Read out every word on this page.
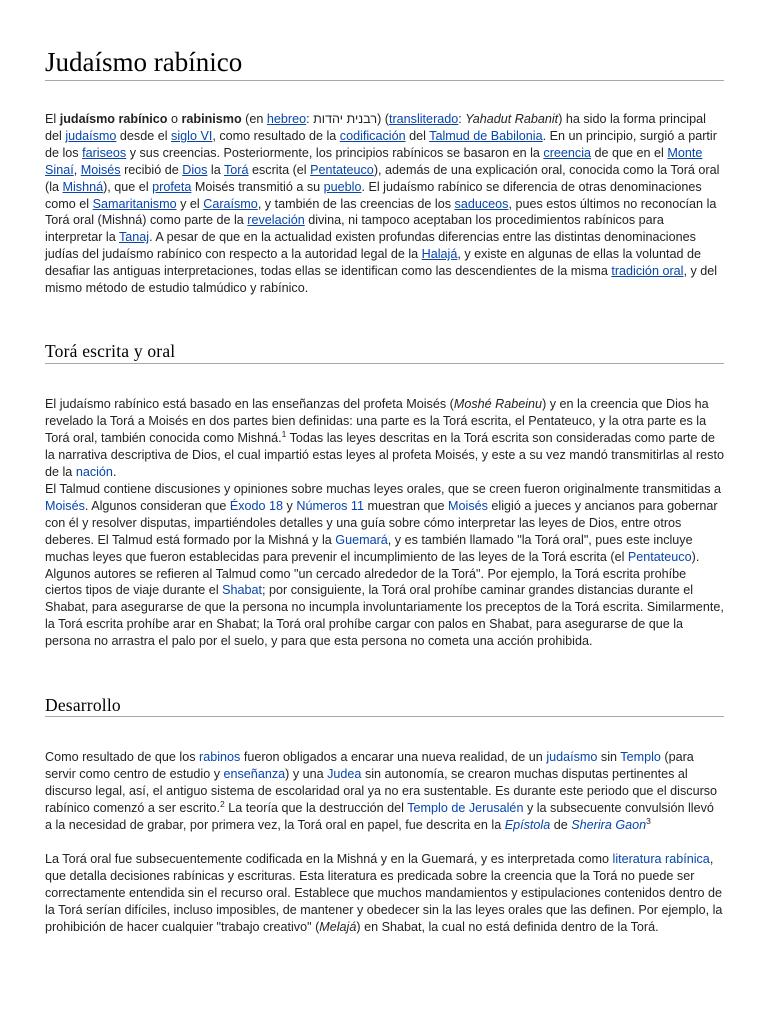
Judaísmo rabínico

El judaísmo rabínico o rabinismo (en hebreo: רבנית יהדות) (transliterado: Yahadut Rabanit) ha sido la forma principal del judaísmo desde el siglo VI, como resultado de la codificación del Talmud de Babilonia. En un principio, surgió a partir de los fariseos y sus creencias. Posteriormente, los principios rabínicos se basaron en la creencia de que en el Monte Sinaí, Moisés recibió de Dios la Torá escrita (el Pentateuco), además de una explicación oral, conocida como la Torá oral (la Mishná), que el profeta Moisés transmitió a su pueblo. El judaísmo rabínico se diferencia de otras denominaciones como el Samaritanismo y el Caraísmo, y también de las creencias de los saduceos, pues estos últimos no reconocían la Torá oral (Mishná) como parte de la revelación divina, ni tampoco aceptaban los procedimientos rabínicos para interpretar la Tanaj. A pesar de que en la actualidad existen profundas diferencias entre las distintas denominaciones judías del judaísmo rabínico con respecto a la autoridad legal de la Halajá, y existe en algunas de ellas la voluntad de desafiar las antiguas interpretaciones, todas ellas se identifican como las descendientes de la misma tradición oral, y del mismo método de estudio talmúdico y rabínico.

Torá escrita y oral

El judaísmo rabínico está basado en las enseñanzas del profeta Moisés (Moshé Rabeinu) y en la creencia que Dios ha revelado la Torá a Moisés en dos partes bien definidas: una parte es la Torá escrita, el Pentateuco, y la otra parte es la Torá oral, también conocida como Mishná.$^1$ Todas las leyes descritas en la Torá escrita son consideradas como parte de la narrativa descriptiva de Dios, el cual impartió estas leyes al profeta Moisés, y este a su vez mandó transmitirlas al resto de la nación.

El Talmud contiene discusiones y opiniones sobre muchas leyes orales, que se creen fueron originalmente transmitidas a Moisés. Algunos consideran que Éxodo 18 y Números 11 muestran que Moisés eligió a jueces y ancianos para gobernar con él y resolver disputas, impartiéndoles detalles y una guía sobre cómo interpretar las leyes de Dios, entre otros deberes. El Talmud está formado por la Mishná y la Guemará, y es también llamado "la Torá oral", pues este incluye muchas leyes que fueron establecidas para prevenir el incumplimiento de las leyes de la Torá escrita (el Pentateuco). Algunos autores se refieren al Talmud como "un cercado alrededor de la Torá". Por ejemplo, la Torá escrita prohíbe ciertos tipos de viaje durante el Shabat; por consiguiente, la Torá oral prohíbe caminar grandes distancias durante el Shabat, para asegurarse de que la persona no incumpla involuntariamente los preceptos de la Torá escrita. Similarmente, la Torá escrita prohíbe arar en Shabat; la Torá oral prohíbe cargar con palos en Shabat, para asegurarse de que la persona no arrastra el palo por el suelo, y para que esta persona no cometa una acción prohibida.

Desarrollo

Como resultado de que los rabinos fueron obligados a encarar una nueva realidad, de un judaísmo sin Templo (para servir como centro de estudio y enseñanza) y una Judea sin autonomía, se crearon muchas disputas pertinentes al discurso legal, así, el antiguo sistema de escolaridad oral ya no era sustentable. Es durante este periodo que el discurso rabínico comenzó a ser escrito.$^2$ La teoría que la destrucción del Templo de Jerusalén y la subsecuente convulsión llevó a la necesidad de grabar, por primera vez, la Torá oral en papel, fue descrita en la Epístola de Sherira Gaon$^3$

La Torá oral fue subsecuentemente codificada en la Mishná y en la Guemará, y es interpretada como literatura rabínica, que detalla decisiones rabínicas y escrituras. Esta literatura es predicada sobre la creencia que la Torá no puede ser correctamente entendida sin el recurso oral. Establece que muchos mandamientos y estipulaciones contenidos dentro de la Torá serían difíciles, incluso imposibles, de mantener y obedecer sin la las leyes orales que las definen. Por ejemplo, la prohibición de hacer cualquier "trabajo creativo" (Melajá) en Shabat, la cual no está definida dentro de la Torá.
